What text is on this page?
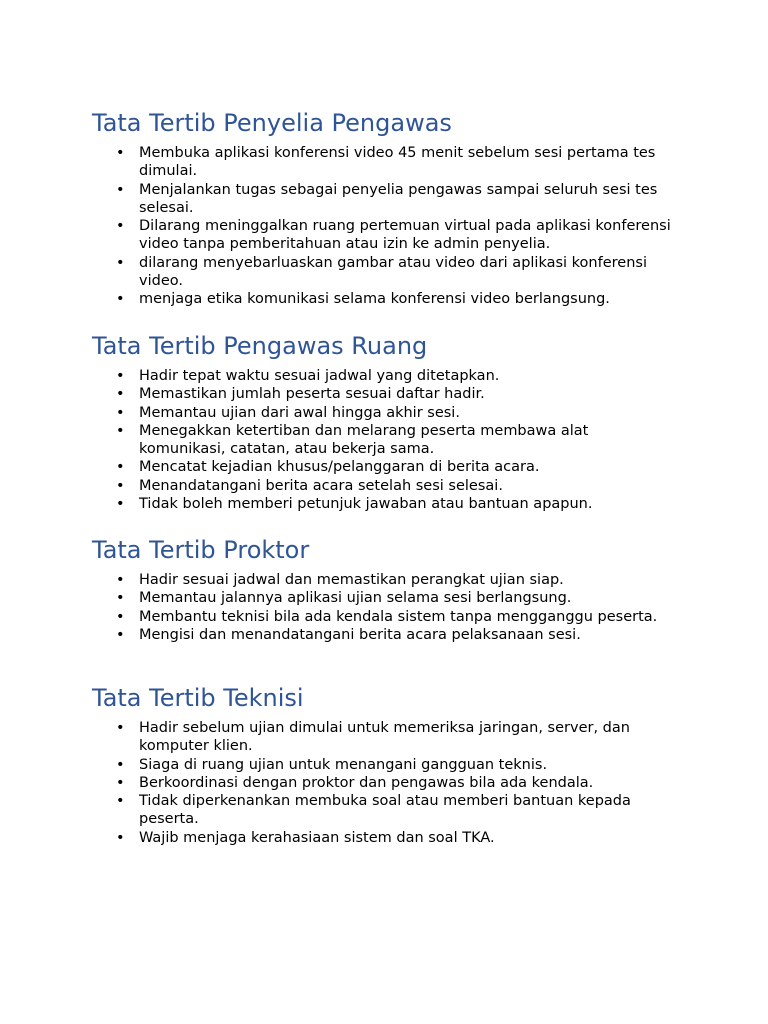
Tata Tertib Penyelia Pengawas
• Membuka aplikasi konferensi video 45 menit sebelum sesi pertama tes dimulai.
• Menjalankan tugas sebagai penyelia pengawas sampai seluruh sesi tes selesai.
• Dilarang meninggalkan ruang pertemuan virtual pada aplikasi konferensi video tanpa pemberitahuan atau izin ke admin penyelia.
• dilarang menyebarluaskan gambar atau video dari aplikasi konferensi video.
• menjaga etika komunikasi selama konferensi video berlangsung.
Tata Tertib Pengawas Ruang
• Hadir tepat waktu sesuai jadwal yang ditetapkan.
• Memastikan jumlah peserta sesuai daftar hadir.
• Memantau ujian dari awal hingga akhir sesi.
• Menegakkan ketertiban dan melarang peserta membawa alat komunikasi, catatan, atau bekerja sama.
• Mencatat kejadian khusus/pelanggaran di berita acara.
• Menandatangani berita acara setelah sesi selesai.
• Tidak boleh memberi petunjuk jawaban atau bantuan apapun.
Tata Tertib Proktor
• Hadir sesuai jadwal dan memastikan perangkat ujian siap.
• Memantau jalannya aplikasi ujian selama sesi berlangsung.
• Membantu teknisi bila ada kendala sistem tanpa mengganggu peserta.
• Mengisi dan menandatangani berita acara pelaksanaan sesi.
Tata Tertib Teknisi
• Hadir sebelum ujian dimulai untuk memeriksa jaringan, server, dan komputer klien.
• Siaga di ruang ujian untuk menangani gangguan teknis.
• Berkoordinasi dengan proktor dan pengawas bila ada kendala.
• Tidak diperkenankan membuka soal atau memberi bantuan kepada peserta.
• Wajib menjaga kerahasiaan sistem dan soal TKA.
